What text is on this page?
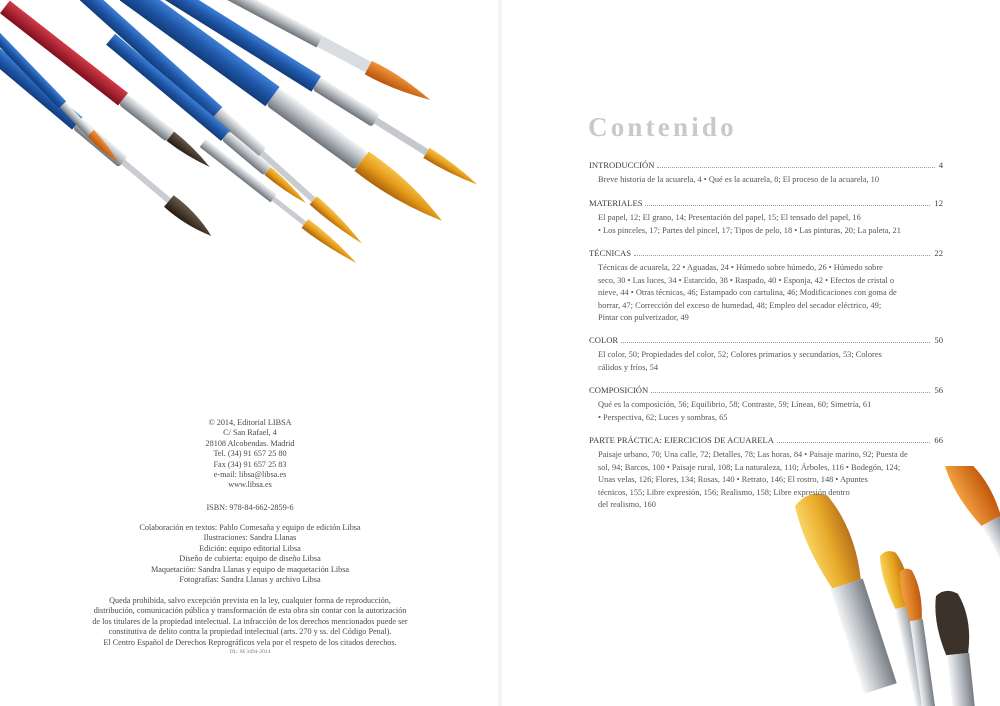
© 2014, Editorial LIBSA
C/ San Rafael, 4
28108 Alcobendas. Madrid
Tel. (34) 91 657 25 80
Fax (34) 91 657 25 83
e-mail: libsa@libsa.es
www.libsa.es
ISBN: 978-84-662-2859-6
Colaboración en textos: Pablo Comesaña y equipo de edición Libsa
Ilustraciones: Sandra Llanas
Edición: equipo editorial Libsa
Diseño de cubierta: equipo de diseño Libsa
Maquetación: Sandra Llanas y equipo de maquetación Libsa
Fotografías: Sandra Llanas y archivo Libsa
Queda prohibida, salvo excepción prevista en la ley, cualquier forma de reproducción,
distribución, comunicación pública y transformación de esta obra sin contar con la autorización
de los titulares de la propiedad intelectual. La infracción de los derechos mencionados puede ser
constitutiva de delito contra la propiedad intelectual (arts. 270 y ss. del Código Penal).
El Centro Español de Derechos Reprográficos vela por el respeto de los citados derechos.
DL: M 3494-2014
Contenido
INTRODUCCIÓN	4
Breve historia de la acuarela, 4 • Qué es la acuarela, 8; El proceso de la acuarela, 10
MATERIALES	12
El papel, 12; El grano, 14; Presentación del papel, 15; El tensado del papel, 16
• Los pinceles, 17; Partes del pincel, 17; Tipos de pelo, 18 • Las pinturas, 20; La paleta, 21
TÉCNICAS	22
Técnicas de acuarela, 22 • Aguadas, 24 • Húmedo sobre húmedo, 26 • Húmedo sobre
seco, 30 • Las luces, 34 • Estarcido, 38 • Raspado, 40 • Esponja, 42 • Efectos de cristal o
nieve, 44 • Otras técnicas, 46; Estampado con cartulina, 46; Modificaciones con goma de
borrar, 47; Corrección del exceso de humedad, 48; Empleo del secador eléctrico, 49;
Pintar con pulverizador, 49
COLOR	50
El color, 50; Propiedades del color, 52; Colores primarios y secundarios, 53; Colores
cálidos y fríos, 54
COMPOSICIÓN	56
Qué es la composición, 56; Equilibrio, 58; Contraste, 59; Líneas, 60; Simetría, 61
• Perspectiva, 62; Luces y sombras, 65
PARTE PRÁCTICA: EJERCICIOS DE ACUARELA	66
Paisaje urbano, 70; Una calle, 72; Detalles, 78; Las horas, 84 • Paisaje marino, 92; Puesta de
sol, 94; Barcos, 100 • Paisaje rural, 108; La naturaleza, 110; Árboles, 116 • Bodegón, 124;
Unas velas, 126; Flores, 134; Rosas, 140 • Retrato, 146; El rostro, 148 • Apuntes
técnicos, 155; Libre expresión, 156; Realismo, 158; Libre expresión dentro
del realismo, 160
